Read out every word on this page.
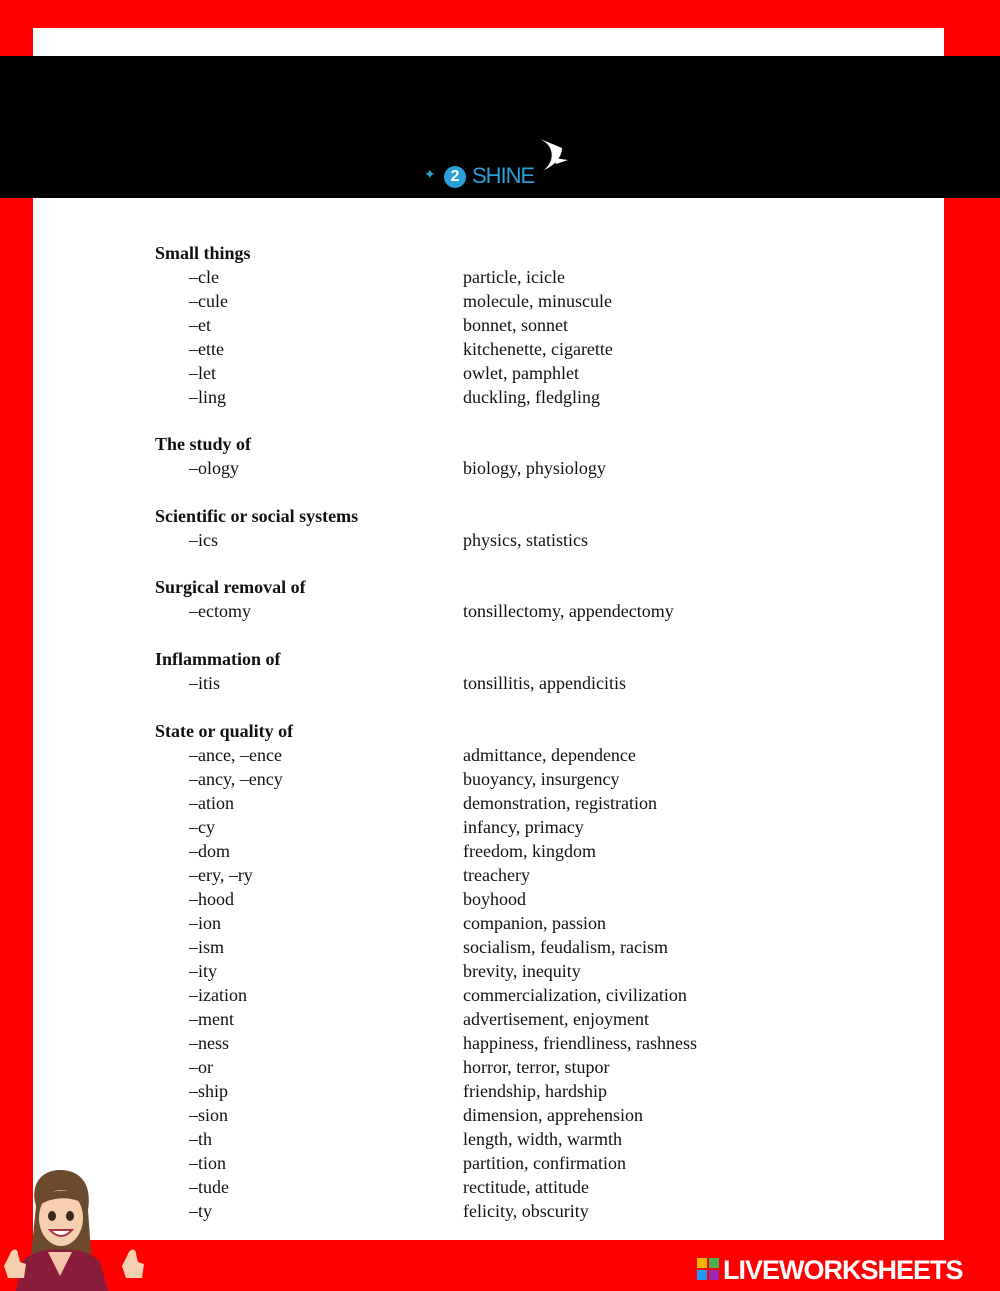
NOUN SUFFIXES
ENGLISH
✦ 2 SHINE
Small things
–cle	particle, icicle
–cule	molecule, minuscule
–et	bonnet, sonnet
–ette	kitchenette, cigarette
–let	owlet, pamphlet
–ling	duckling, fledgling
The study of
–ology	biology, physiology
Scientific or social systems
–ics	physics, statistics
Surgical removal of
–ectomy	tonsillectomy, appendectomy
Inflammation of
–itis	tonsillitis, appendicitis
State or quality of
–ance, –ence	admittance, dependence
–ancy, –ency	buoyancy, insurgency
–ation	demonstration, registration
–cy	infancy, primacy
–dom	freedom, kingdom
–ery, –ry	treachery
–hood	boyhood
–ion	companion, passion
–ism	socialism, feudalism, racism
–ity	brevity, inequity
–ization	commercialization, civilization
–ment	advertisement, enjoyment
–ness	happiness, friendliness, rashness
–or	horror, terror, stupor
–ship	friendship, hardship
–sion	dimension, apprehension
–th	length, width, warmth
–tion	partition, confirmation
–tude	rectitude, attitude
–ty	felicity, obscurity
LIVEWORKSHEETS
